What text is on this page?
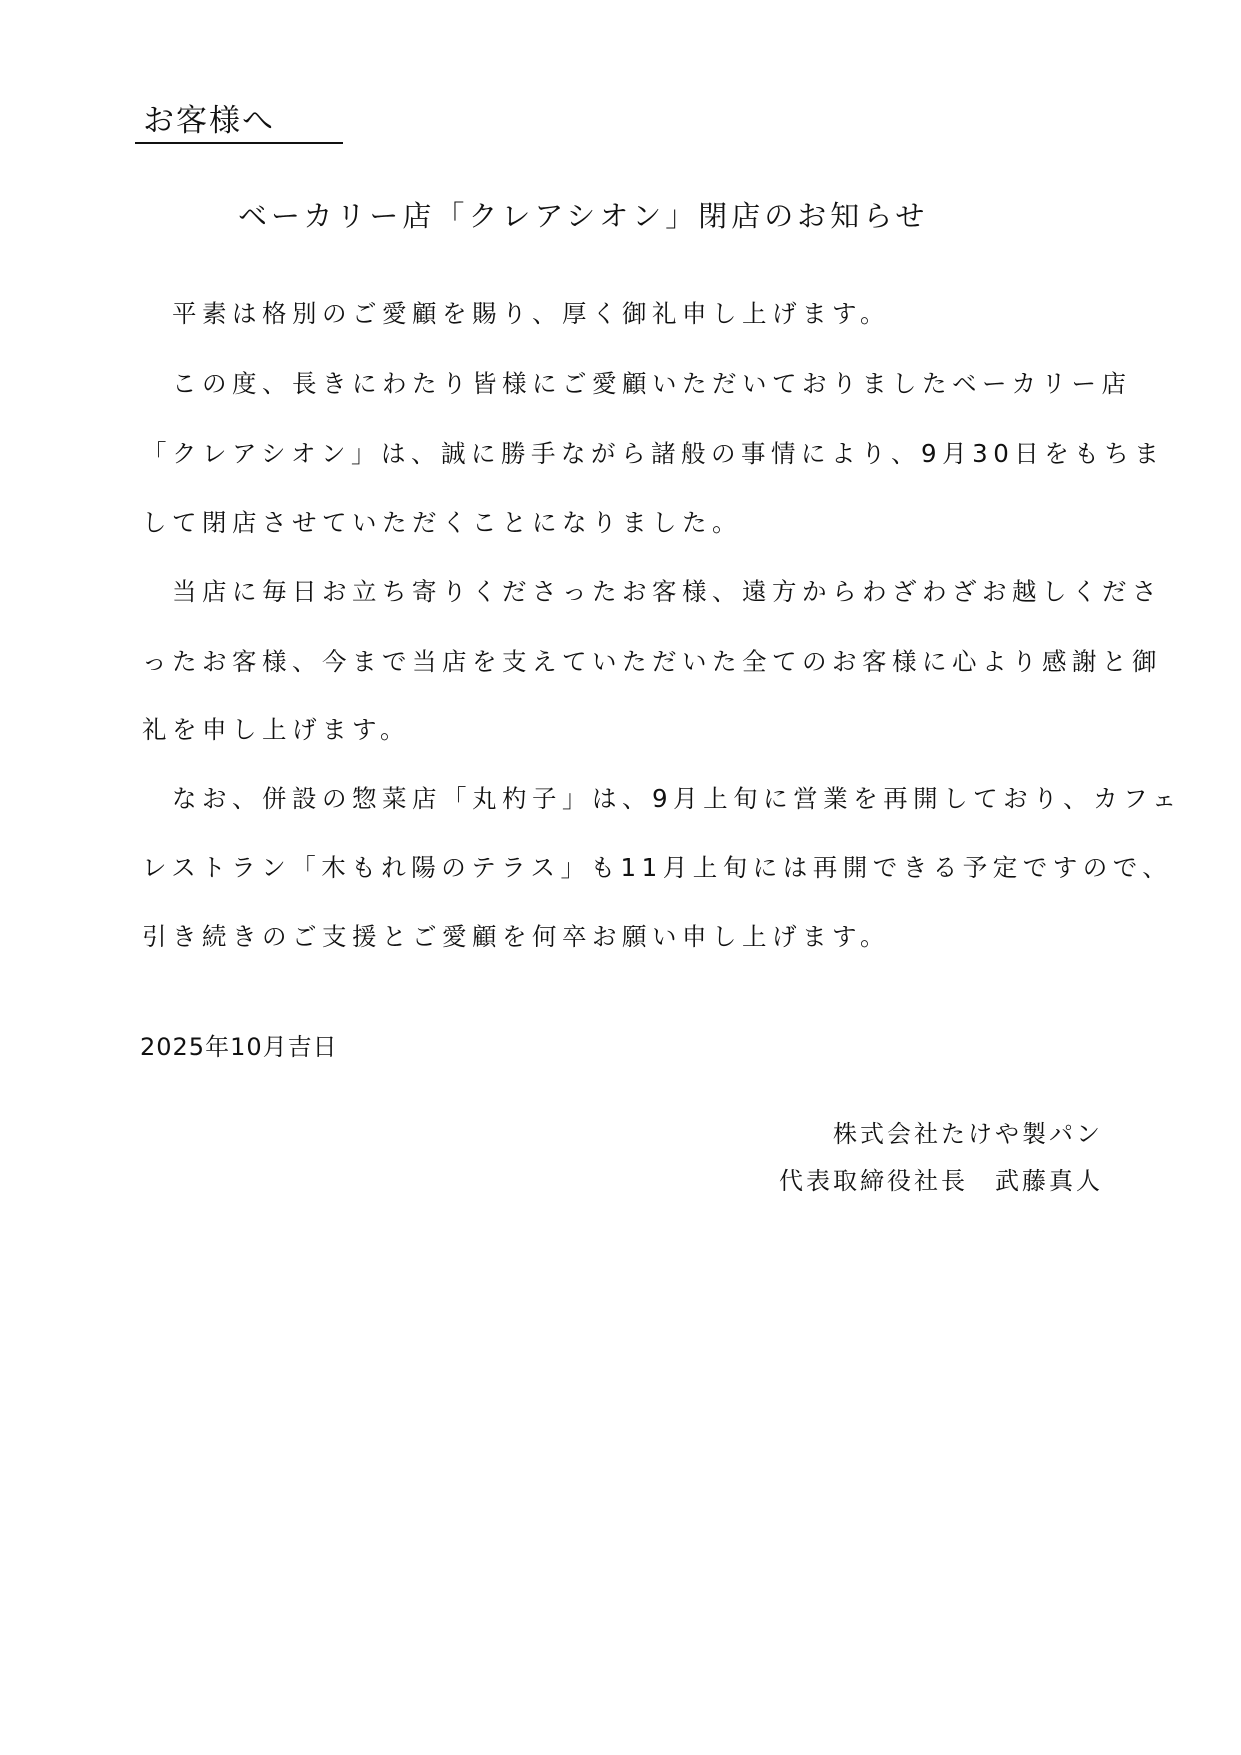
お客様へ
ベーカリー店「クレアシオン」閉店のお知らせ
　平素は格別のご愛顧を賜り、厚く御礼申し上げます。
　この度、長きにわたり皆様にご愛顧いただいておりましたベーカリー店
「クレアシオン」は、誠に勝手ながら諸般の事情により、9月30日をもちま
して閉店させていただくことになりました。
　当店に毎日お立ち寄りくださったお客様、遠方からわざわざお越しくださ
ったお客様、今まで当店を支えていただいた全てのお客様に心より感謝と御
礼を申し上げます。
　なお、併設の惣菜店「丸杓子」は、9月上旬に営業を再開しており、カフェ
レストラン「木もれ陽のテラス」も11月上旬には再開できる予定ですので、
引き続きのご支援とご愛顧を何卒お願い申し上げます。
2025年10月吉日
株式会社たけや製パン
代表取締役社長　武藤真人
